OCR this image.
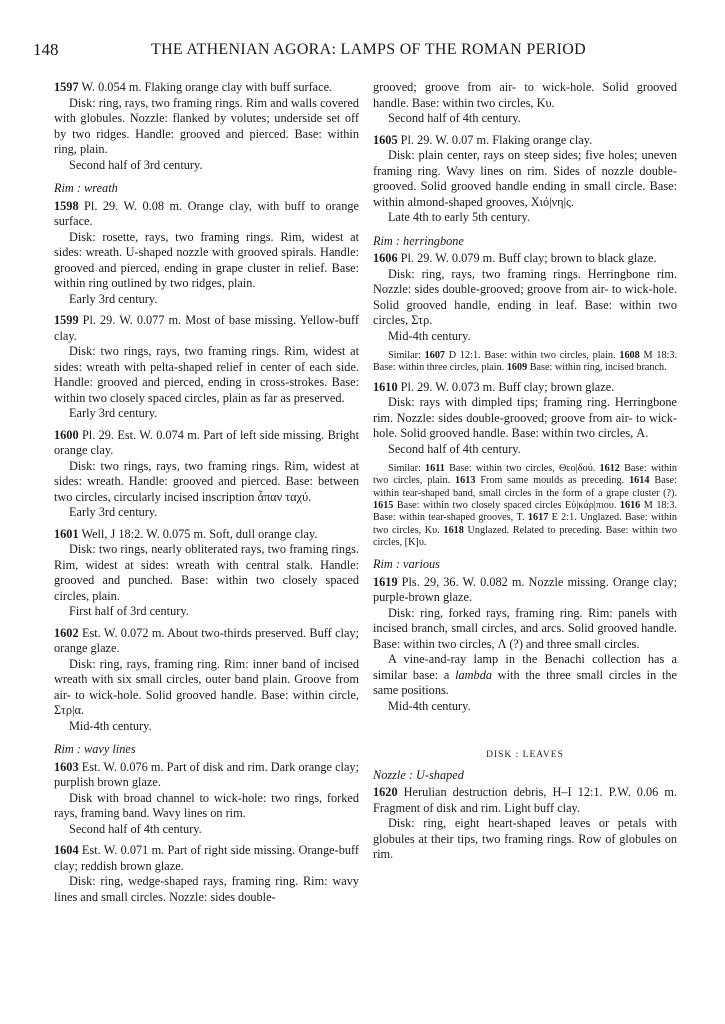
148	THE ATHENIAN AGORA: LAMPS OF THE ROMAN PERIOD

1597 W. 0.054 m. Flaking orange clay with buff surface.

Disk: ring, rays, two framing rings. Rim and walls covered with globules. Nozzle: flanked by volutes; underside set off by two ridges. Handle: grooved and pierced. Base: within ring, plain.

Second half of 3rd century.

Rim : wreath

1598 Pl. 29. W. 0.08 m. Orange clay, with buff to orange surface.

Disk: rosette, rays, two framing rings. Rim, widest at sides: wreath. U-shaped nozzle with grooved spirals. Handle: grooved and pierced, ending in grape cluster in relief. Base: within ring outlined by two ridges, plain.

Early 3rd century.

1599 Pl. 29. W. 0.077 m. Most of base missing. Yellow-buff clay.

Disk: two rings, rays, two framing rings. Rim, widest at sides: wreath with pelta-shaped relief in center of each side. Handle: grooved and pierced, ending in cross-strokes. Base: within two closely spaced circles, plain as far as preserved.

Early 3rd century.

1600 Pl. 29. Est. W. 0.074 m. Part of left side missing. Bright orange clay.

Disk: two rings, rays, two framing rings. Rim, widest at sides: wreath. Handle: grooved and pierced. Base: between two circles, circularly incised inscription ἆπαν ταχύ.

Early 3rd century.

1601 Well, J 18:2. W. 0.075 m. Soft, dull orange clay.

Disk: two rings, nearly obliterated rays, two framing rings. Rim, widest at sides: wreath with central stalk. Handle: grooved and punched. Base: within two closely spaced circles, plain.

First half of 3rd century.

1602 Est. W. 0.072 m. About two-thirds preserved. Buff clay; orange glaze.

Disk: ring, rays, framing ring. Rim: inner band of incised wreath with six small circles, outer band plain. Groove from air- to wick-hole. Solid grooved handle. Base: within circle, Στρ|α.

Mid-4th century.

Rim : wavy lines

1603 Est. W. 0.076 m. Part of disk and rim. Dark orange clay; purplish brown glaze.

Disk with broad channel to wick-hole: two rings, forked rays, framing band. Wavy lines on rim.

Second half of 4th century.

1604 Est. W. 0.071 m. Part of right side missing. Orange-buff clay; reddish brown glaze.

Disk: ring, wedge-shaped rays, framing ring. Rim: wavy lines and small circles. Nozzle: sides double-

grooved; groove from air- to wick-hole. Solid grooved handle. Base: within two circles, Κυ.

Second half of 4th century.

1605 Pl. 29. W. 0.07 m. Flaking orange clay.

Disk: plain center, rays on steep sides; five holes; uneven framing ring. Wavy lines on rim. Sides of nozzle double-grooved. Solid grooved handle ending in small circle. Base: within almond-shaped grooves, Χιό|νη|ς.

Late 4th to early 5th century.

Rim : herringbone

1606 Pl. 29. W. 0.079 m. Buff clay; brown to black glaze.

Disk: ring, rays, two framing rings. Herringbone rim. Nozzle: sides double-grooved; groove from air- to wick-hole. Solid grooved handle, ending in leaf. Base: within two circles, Στρ.

Mid-4th century.

Similar: 1607 D 12:1. Base: within two circles, plain. 1608 M 18:3. Base: within three circles, plain. 1609 Base: within ring, incised branch.

1610 Pl. 29. W. 0.073 m. Buff clay; brown glaze.

Disk: rays with dimpled tips; framing ring. Herringbone rim. Nozzle: sides double-grooved; groove from air- to wick-hole. Solid grooved handle. Base: within two circles, Α.

Second half of 4th century.

Similar: 1611 Base: within two circles, Θεο|δού. 1612 Base: within two circles, plain. 1613 From same moulds as preceding. 1614 Base: within tear-shaped band, small circles in the form of a grape cluster (?). 1615 Base: within two closely spaced circles Εὐ|κάρ|πιου. 1616 M 18:3. Base: within tear-shaped grooves, Τ. 1617 E 2:1. Unglazed. Base: within two circles, Κυ. 1618 Unglazed. Related to preceding. Base: within two circles, [Κ]υ.

Rim : various

1619 Pls. 29, 36. W. 0.082 m. Nozzle missing. Orange clay; purple-brown glaze.

Disk: ring, forked rays, framing ring. Rim: panels with incised branch, small circles, and arcs. Solid grooved handle. Base: within two circles, Λ (?) and three small circles.

A vine-and-ray lamp in the Benachi collection has a similar base: a lambda with the three small circles in the same positions.

Mid-4th century.

DISK : LEAVES

Nozzle : U-shaped

1620 Herulian destruction debris, H–I 12:1. P.W. 0.06 m. Fragment of disk and rim. Light buff clay.

Disk: ring, eight heart-shaped leaves or petals with globules at their tips, two framing rings. Row of globules on rim.
